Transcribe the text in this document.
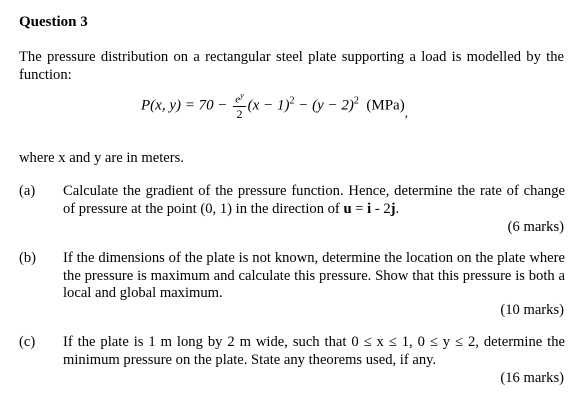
Question 3
The pressure distribution on a rectangular steel plate supporting a load is modelled by the function:
P(x, $y) = 70 - \frac{e^y}{2} (x - 1)^2 - (y - 2)^2$ (MPa),
where x and y are in meters.
(a) Calculate the gradient of the pressure function. Hence, determine the rate of change of pressure at the point (0, 1) in the direction of u = i - 2j.
(6 marks)
(b) If the dimensions of the plate is not known, determine the location on the plate where the pressure is maximum and calculate this pressure. Show that this pressure is both a local and global maximum.
(10 marks)
(c) If the plate is 1 m long by 2 m wide, such that 0 ≤ x ≤ 1, 0 ≤ y ≤ 2, determine the minimum pressure on the plate. State any theorems used, if any.
(16 marks)
